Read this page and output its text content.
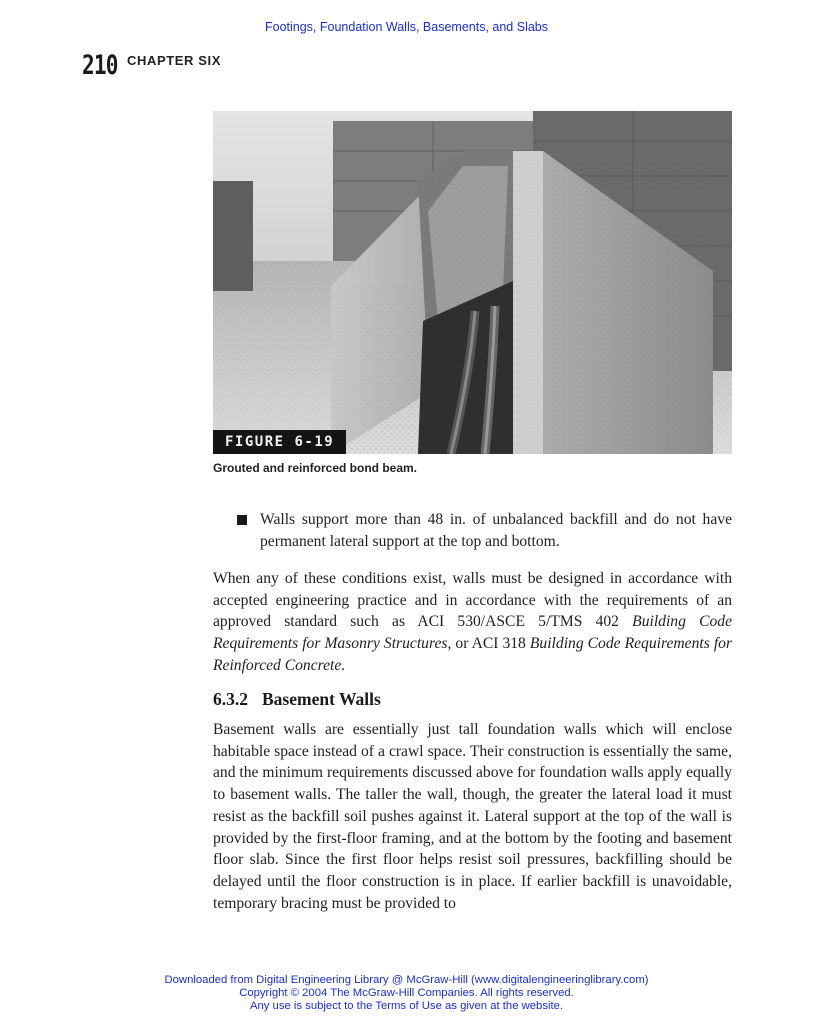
Footings, Foundation Walls, Basements, and Slabs
210 CHAPTER SIX
FIGURE 6-19
Grouted and reinforced bond beam.
Walls support more than 48 in. of unbalanced backfill and do not have permanent lateral support at the top and bottom.
When any of these conditions exist, walls must be designed in accordance with accepted engineering practice and in accordance with the requirements of an approved standard such as ACI 530/ASCE 5/TMS 402 Building Code Requirements for Masonry Structures, or ACI 318 Building Code Requirements for Reinforced Concrete.
6.3.2 Basement Walls
Basement walls are essentially just tall foundation walls which will enclose habitable space instead of a crawl space. Their construction is essentially the same, and the minimum requirements discussed above for foundation walls apply equally to basement walls. The taller the wall, though, the greater the lateral load it must resist as the backfill soil pushes against it. Lateral support at the top of the wall is provided by the first-floor framing, and at the bottom by the footing and basement floor slab. Since the first floor helps resist soil pressures, backfilling should be delayed until the floor construction is in place. If earlier backfill is unavoidable, temporary bracing must be provided to
Downloaded from Digital Engineering Library @ McGraw-Hill (www.digitalengineeringlibrary.com)
Copyright © 2004 The McGraw-Hill Companies. All rights reserved.
Any use is subject to the Terms of Use as given at the website.
